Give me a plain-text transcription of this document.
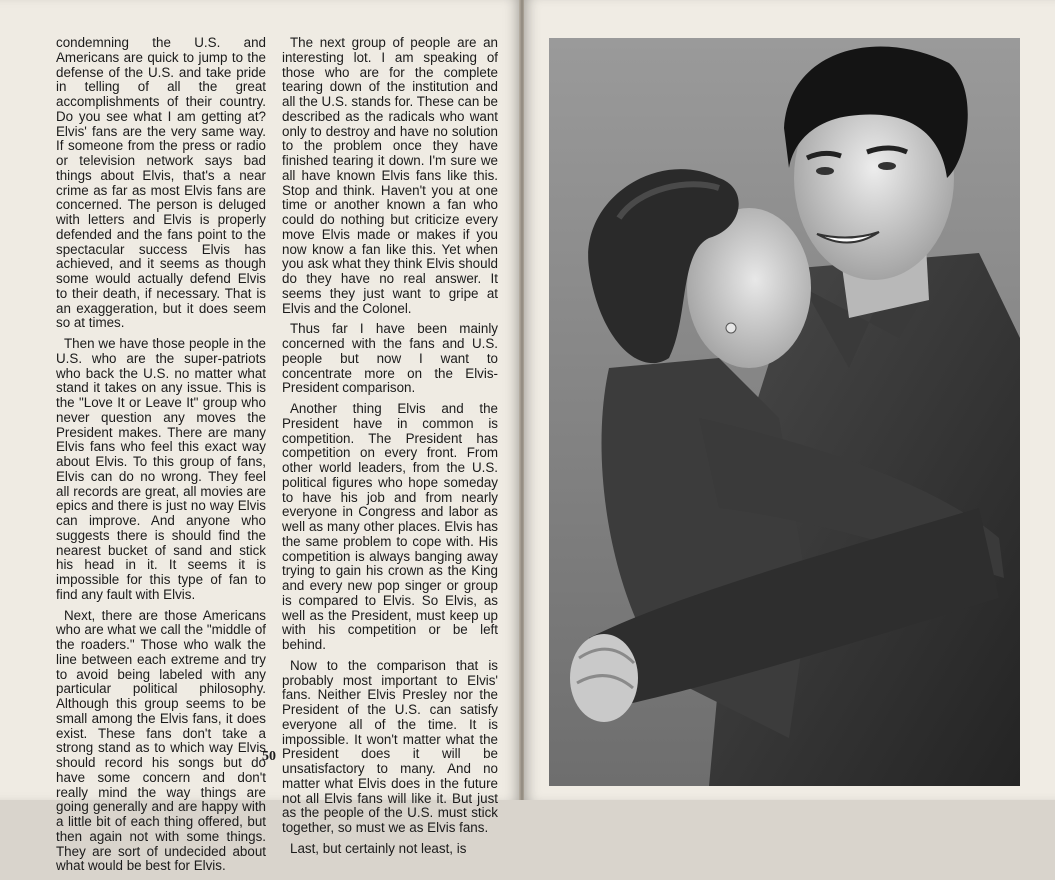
condemning the U.S. and Americans are quick to jump to the defense of the U.S. and take pride in telling of all the great accomplishments of their country. Do you see what I am getting at? Elvis' fans are the very same way. If someone from the press or radio or television network says bad things about Elvis, that's a near crime as far as most Elvis fans are concerned. The person is deluged with letters and Elvis is properly defended and the fans point to the spectacular success Elvis has achieved, and it seems as though some would actually defend Elvis to their death, if necessary. That is an exaggeration, but it does seem so at times.

Then we have those people in the U.S. who are the super-patriots who back the U.S. no matter what stand it takes on any issue. This is the "Love It or Leave It" group who never question any moves the President makes. There are many Elvis fans who feel this exact way about Elvis. To this group of fans, Elvis can do no wrong. They feel all records are great, all movies are epics and there is just no way Elvis can improve. And anyone who suggests there is should find the nearest bucket of sand and stick his head in it. It seems it is impossible for this type of fan to find any fault with Elvis.

Next, there are those Americans who are what we call the "middle of the roaders." Those who walk the line between each extreme and try to avoid being labeled with any particular political philosophy. Although this group seems to be small among the Elvis fans, it does exist. These fans don't take a strong stand as to which way Elvis should record his songs but do have some concern and don't really mind the way things are going generally and are happy with a little bit of each thing offered, but then again not with some things. They are sort of undecided about what would be best for Elvis.

The next group of people are an interesting lot. I am speaking of those who are for the complete tearing down of the institution and all the U.S. stands for. These can be described as the radicals who want only to destroy and have no solution to the problem once they have finished tearing it down. I'm sure we all have known Elvis fans like this. Stop and think. Haven't you at one time or another known a fan who could do nothing but criticize every move Elvis made or makes if you now know a fan like this. Yet when you ask what they think Elvis should do they have no real answer. It seems they just want to gripe at Elvis and the Colonel.

Thus far I have been mainly concerned with the fans and U.S. people but now I want to concentrate more on the Elvis-President comparison.

Another thing Elvis and the President have in common is competition. The President has competition on every front. From other world leaders, from the U.S. political figures who hope someday to have his job and from nearly everyone in Congress and labor as well as many other places. Elvis has the same problem to cope with. His competition is always banging away trying to gain his crown as the King and every new pop singer or group is compared to Elvis. So Elvis, as well as the President, must keep up with his competition or be left behind.

Now to the comparison that is probably most important to Elvis' fans. Neither Elvis Presley nor the President of the U.S. can satisfy everyone all of the time. It is impossible. It won't matter what the President does it will be unsatisfactory to many. And no matter what Elvis does in the future not all Elvis fans will like it. But just as the people of the U.S. must stick together, so must we as Elvis fans.

Last, but certainly not least, is

50
